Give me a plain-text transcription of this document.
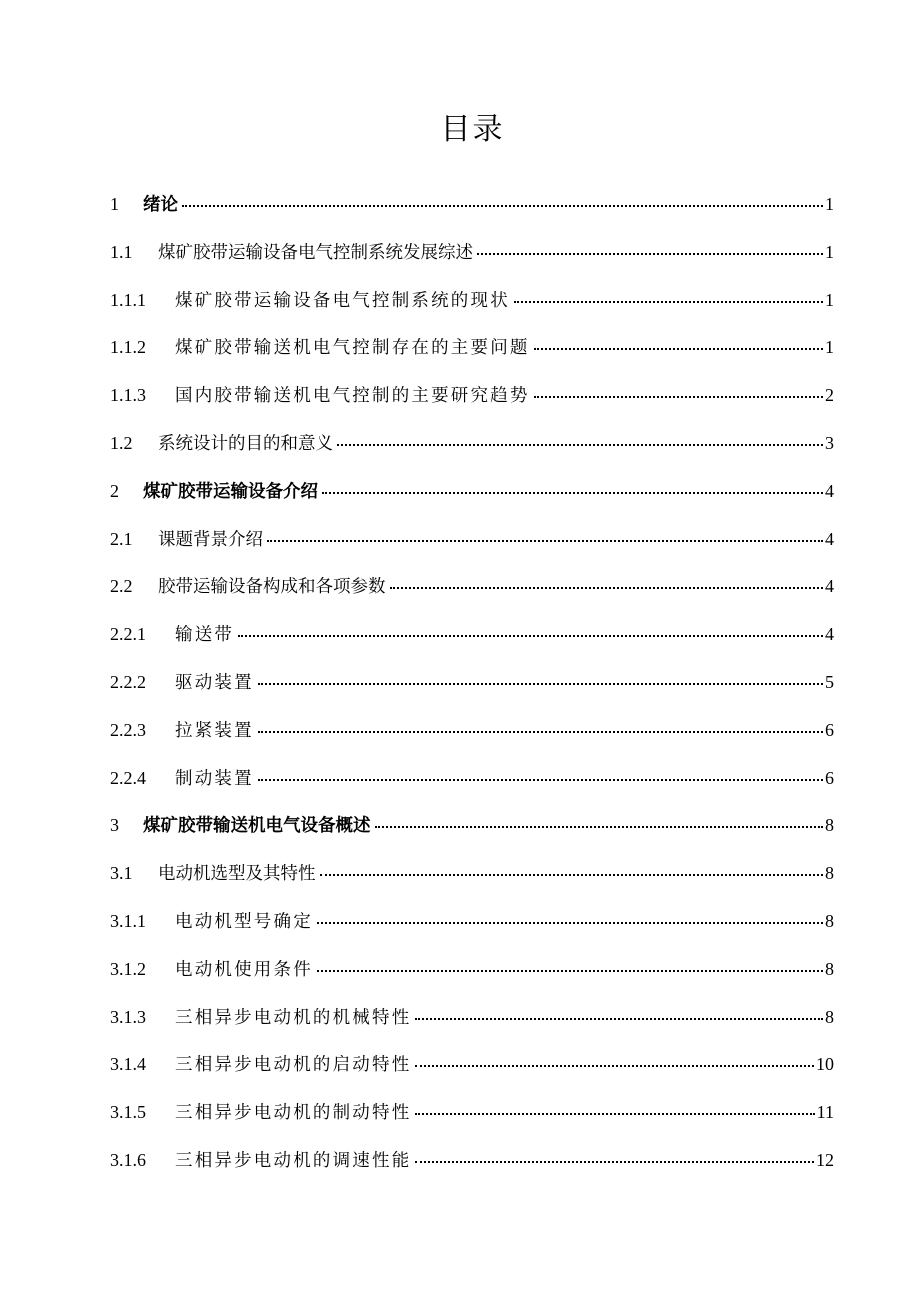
目录
1	绪论	1
1.1	煤矿胶带运输设备电气控制系统发展综述	1
1.1.1	煤矿胶带运输设备电气控制系统的现状	1
1.1.2	煤矿胶带输送机电气控制存在的主要问题	1
1.1.3	国内胶带输送机电气控制的主要研究趋势	2
1.2	系统设计的目的和意义	3
2	煤矿胶带运输设备介绍	4
2.1	课题背景介绍	4
2.2	胶带运输设备构成和各项参数	4
2.2.1	输送带	4
2.2.2	驱动装置	5
2.2.3	拉紧装置	6
2.2.4	制动装置	6
3	煤矿胶带输送机电气设备概述	8
3.1	电动机选型及其特性	8
3.1.1	电动机型号确定	8
3.1.2	电动机使用条件	8
3.1.3	三相异步电动机的机械特性	8
3.1.4	三相异步电动机的启动特性	10
3.1.5	三相异步电动机的制动特性	11
3.1.6	三相异步电动机的调速性能	12
